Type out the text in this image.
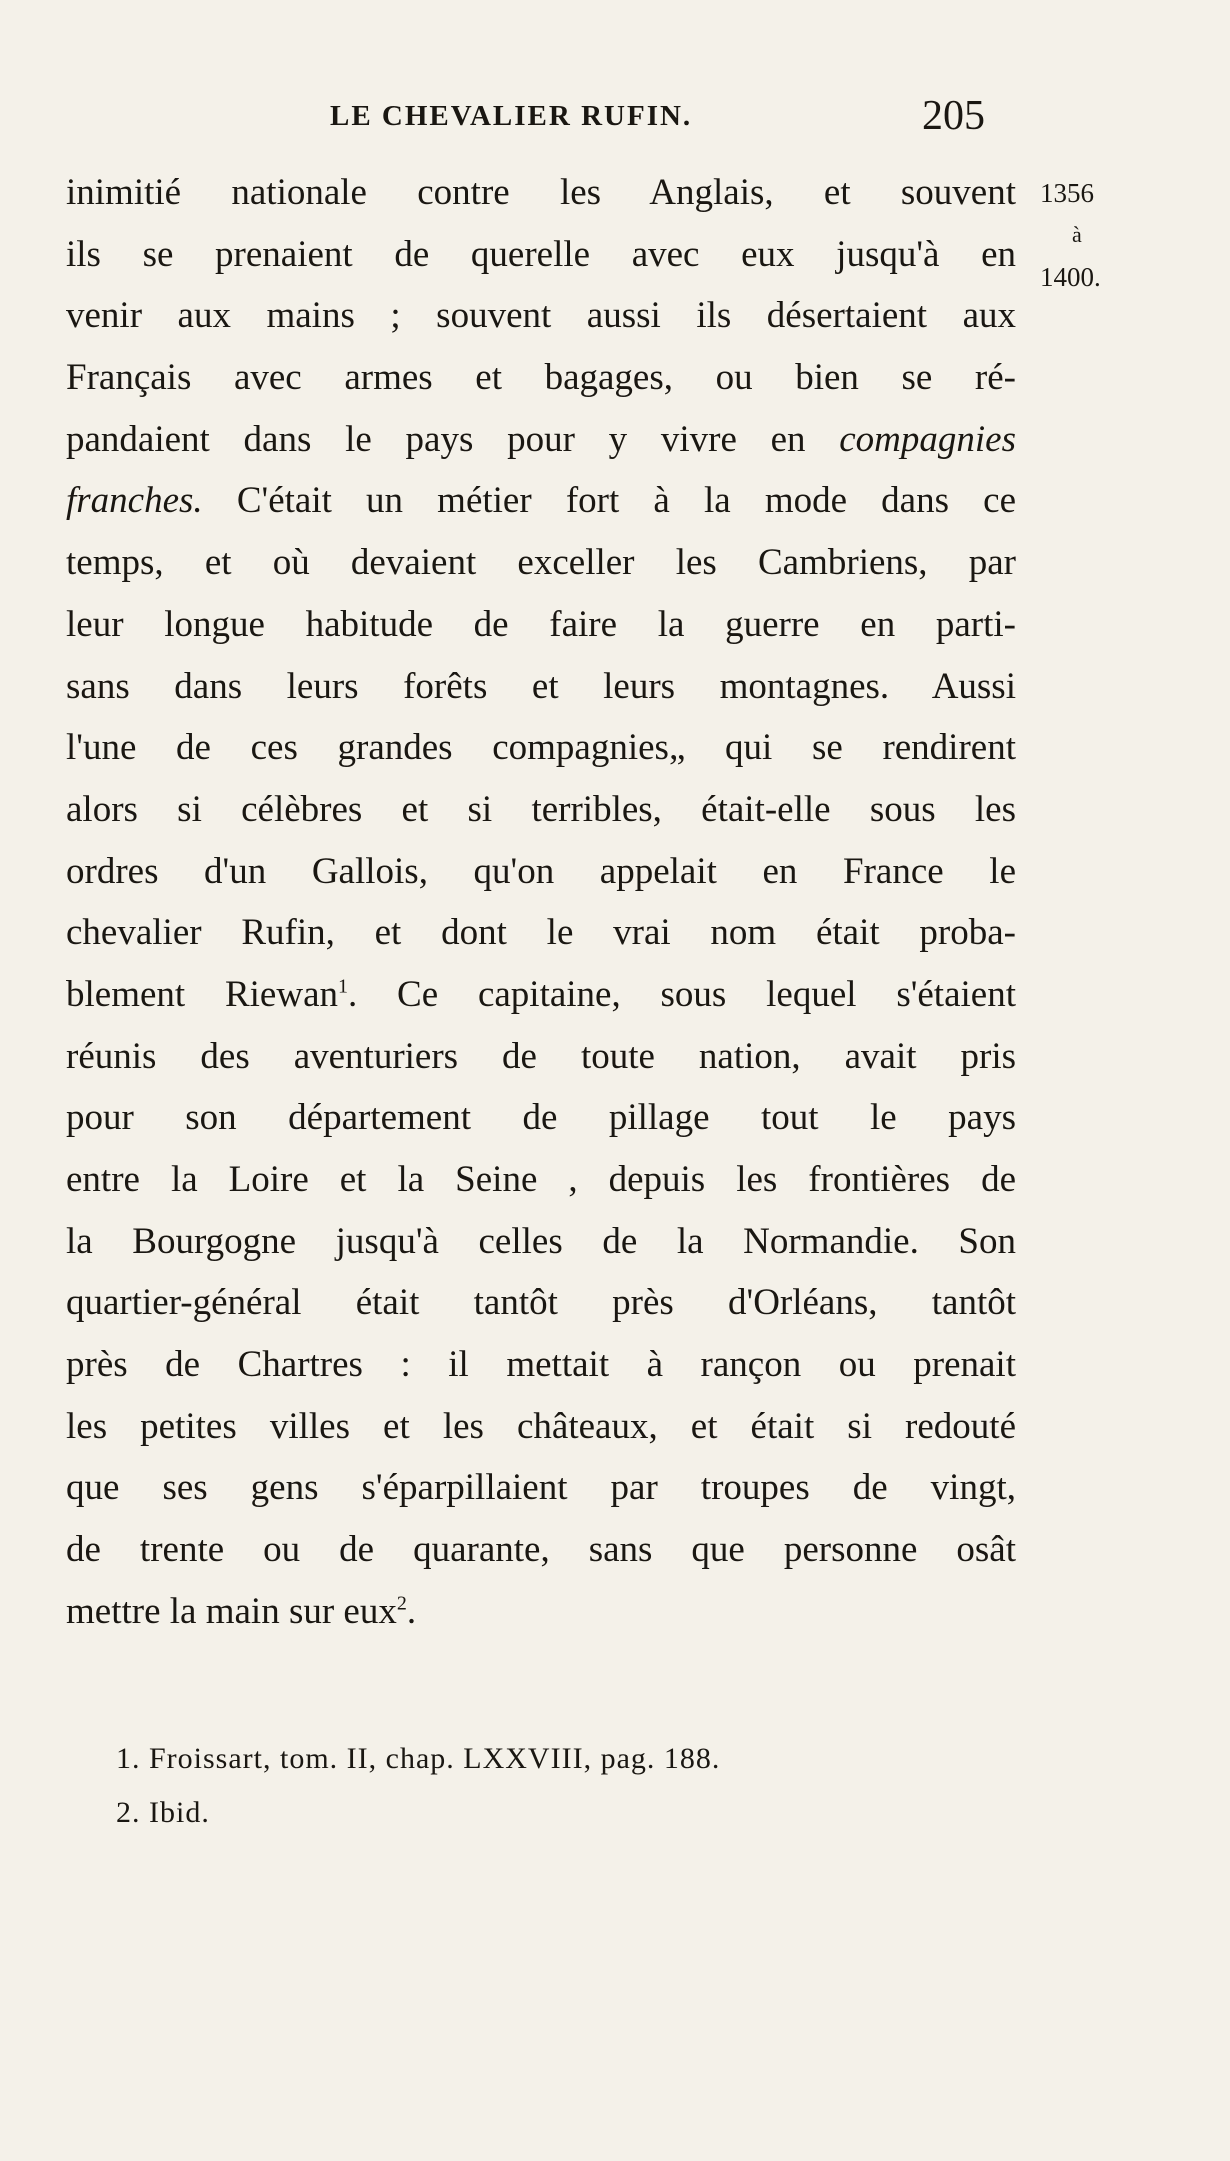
LE CHEVALIER RUFIN.	205
1356
à
1400.
inimitié nationale contre les Anglais, et souvent
ils se prenaient de querelle avec eux jusqu'à en
venir aux mains ; souvent aussi ils désertaient aux
Français avec armes et bagages, ou bien se ré-
pandaient dans le pays pour y vivre en compagnies
franches. C'était un métier fort à la mode dans ce
temps, et où devaient exceller les Cambriens, par
leur longue habitude de faire la guerre en parti-
sans dans leurs forêts et leurs montagnes. Aussi
l'une de ces grandes compagnies„ qui se rendirent
alors si célèbres et si terribles, était-elle sous les
ordres d'un Gallois, qu'on appelait en France le
chevalier Rufin, et dont le vrai nom était proba-
blement Riewan$^1$. Ce capitaine, sous lequel s'étaient
réunis des aventuriers de toute nation, avait pris
pour son département de pillage tout le pays
entre la Loire et la Seine , depuis les frontières de
la Bourgogne jusqu'à celles de la Normandie. Son
quartier-général était tantôt près d'Orléans, tantôt
près de Chartres : il mettait à rançon ou prenait
les petites villes et les châteaux, et était si redouté
que ses gens s'éparpillaient par troupes de vingt,
de trente ou de quarante, sans que personne osât
mettre la main sur eux$^2$.
1. Froissart, tom. II, chap. LXXVIII, pag. 188.
2. Ibid.
